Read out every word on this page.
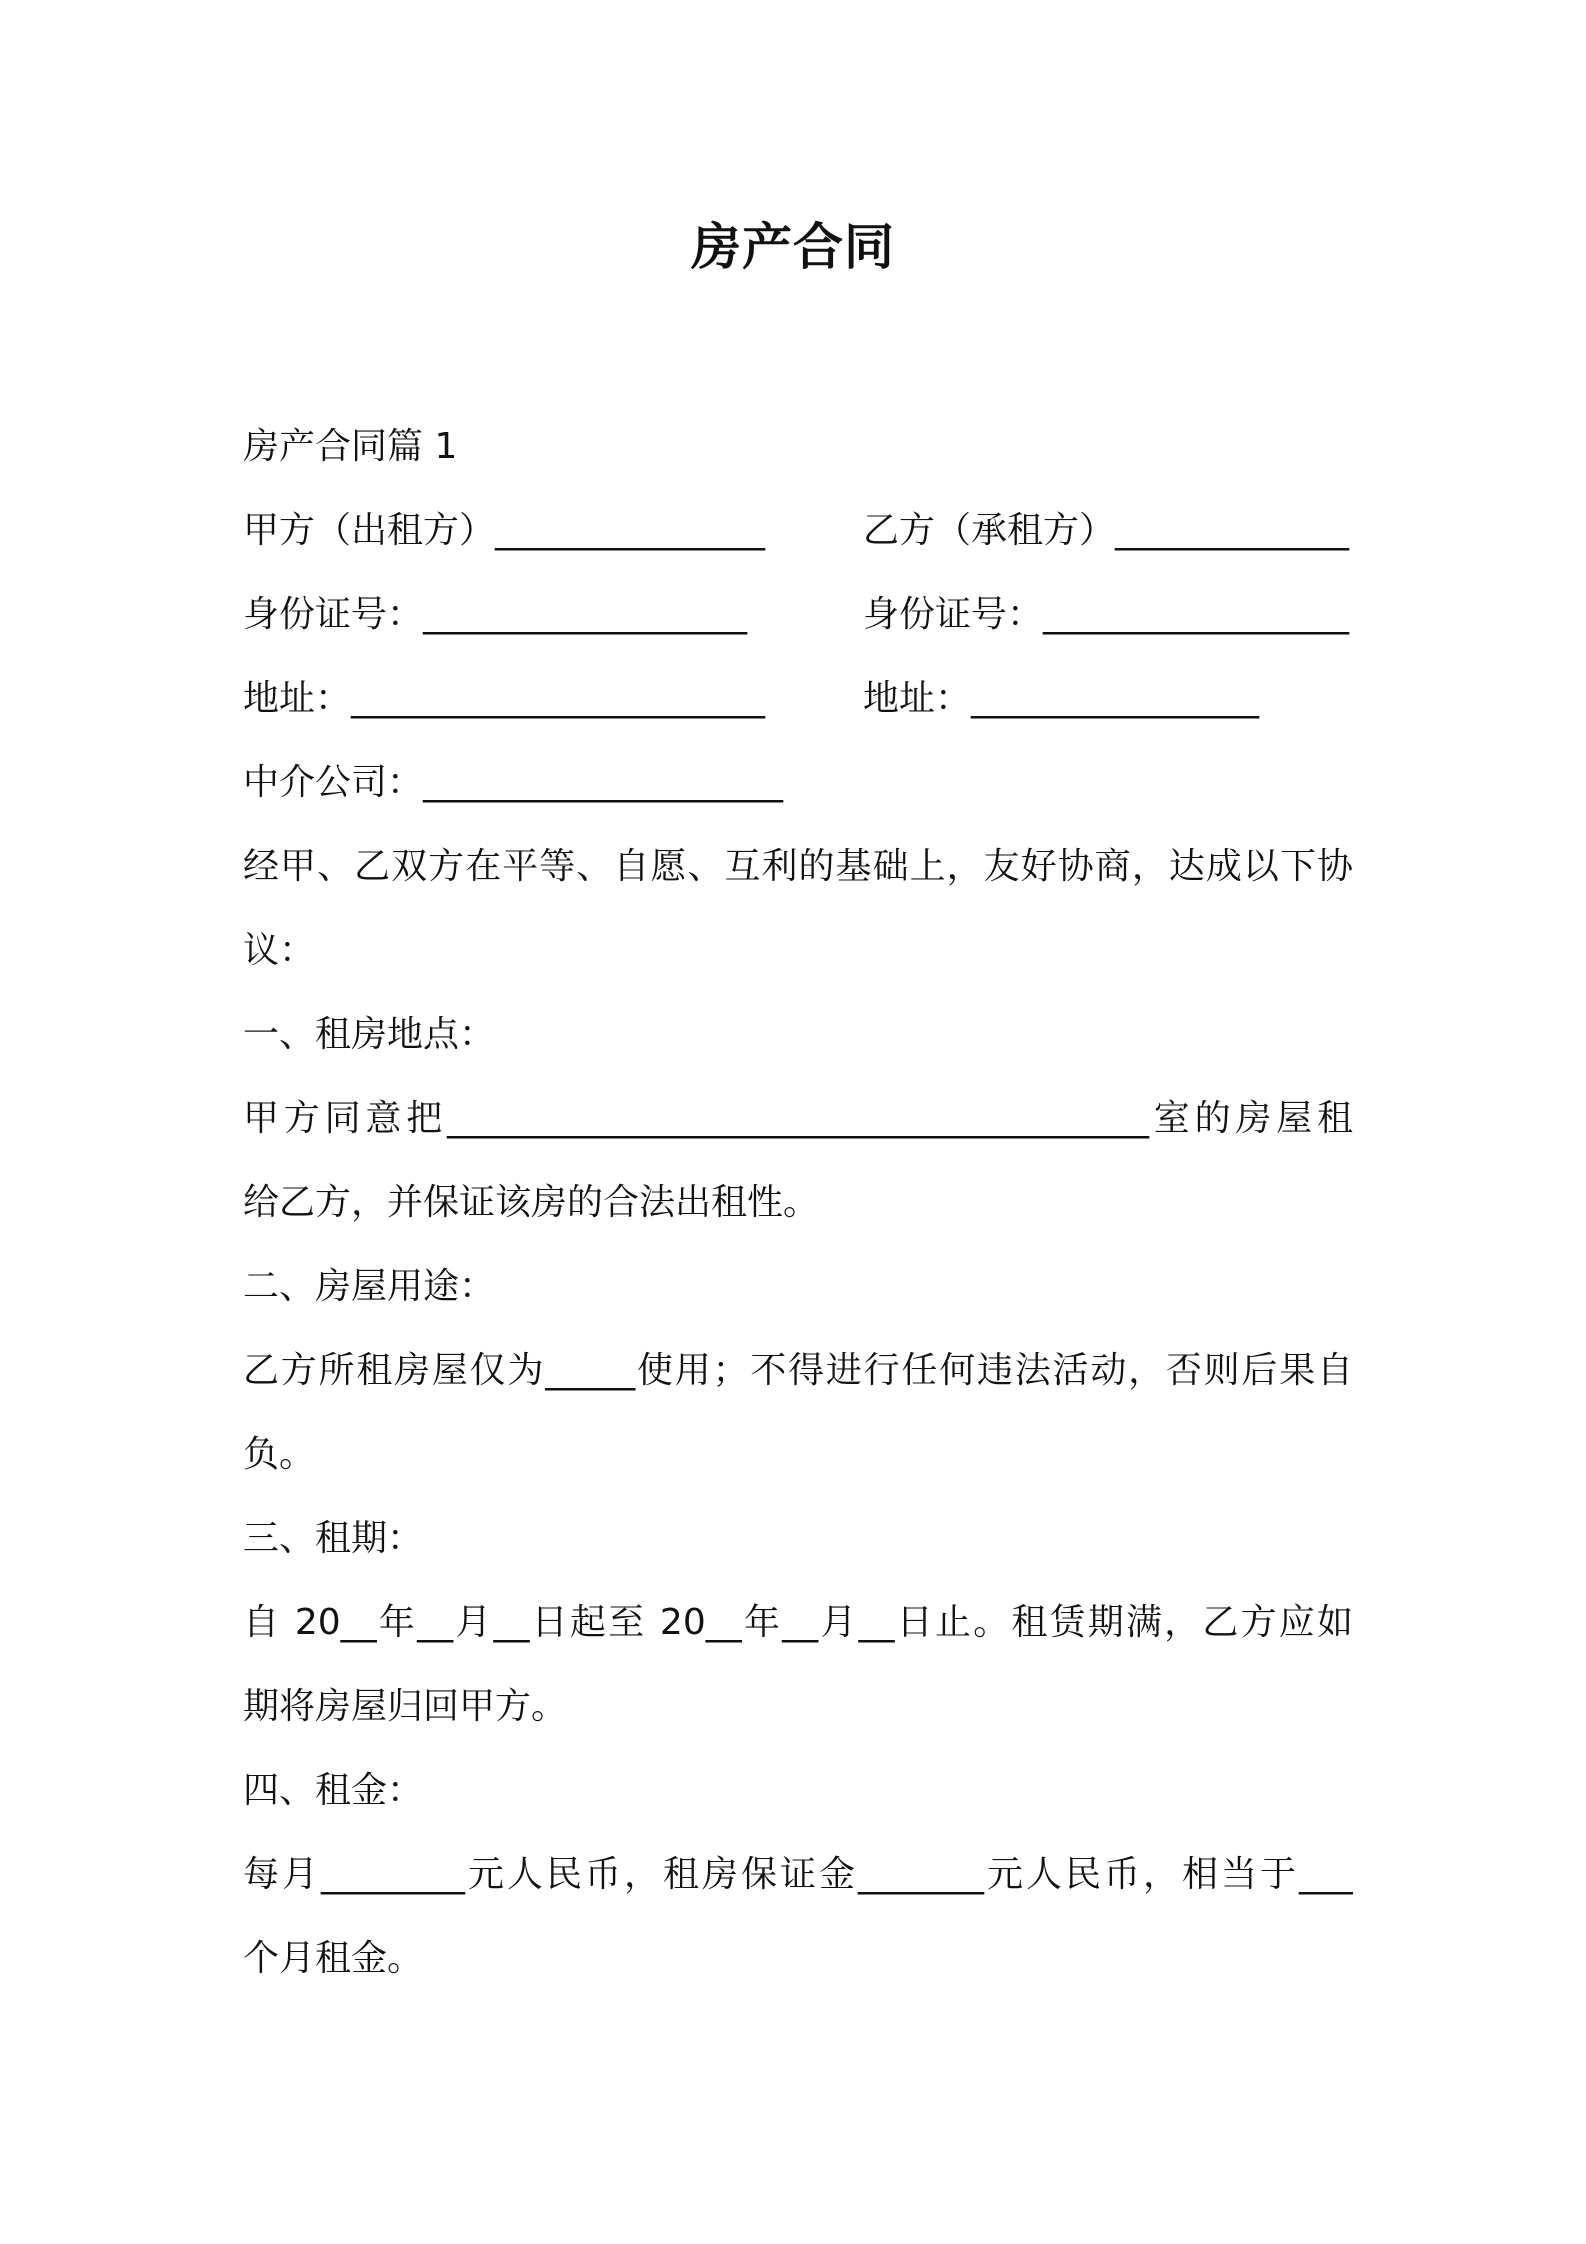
房产合同
房产合同篇 1
甲方（出租方）_______________	乙方（承租方）_____________
身份证号：__________________	身份证号：_________________
地址：_______________________	地址：________________
中介公司：____________________
经甲、乙双方在平等、自愿、互利的基础上，友好协商，达成以下协
议：
一、租房地点：
甲方同意把_______________________________________室的房屋租
给乙方，并保证该房的合法出租性。
二、房屋用途：
乙方所租房屋仅为_____使用；不得进行任何违法活动，否则后果自
负。
三、租期：
自 20__年__月__日起至 20__年__月__日止。租赁期满，乙方应如
期将房屋归回甲方。
四、租金：
每月________元人民币，租房保证金_______元人民币，相当于___
个月租金。
